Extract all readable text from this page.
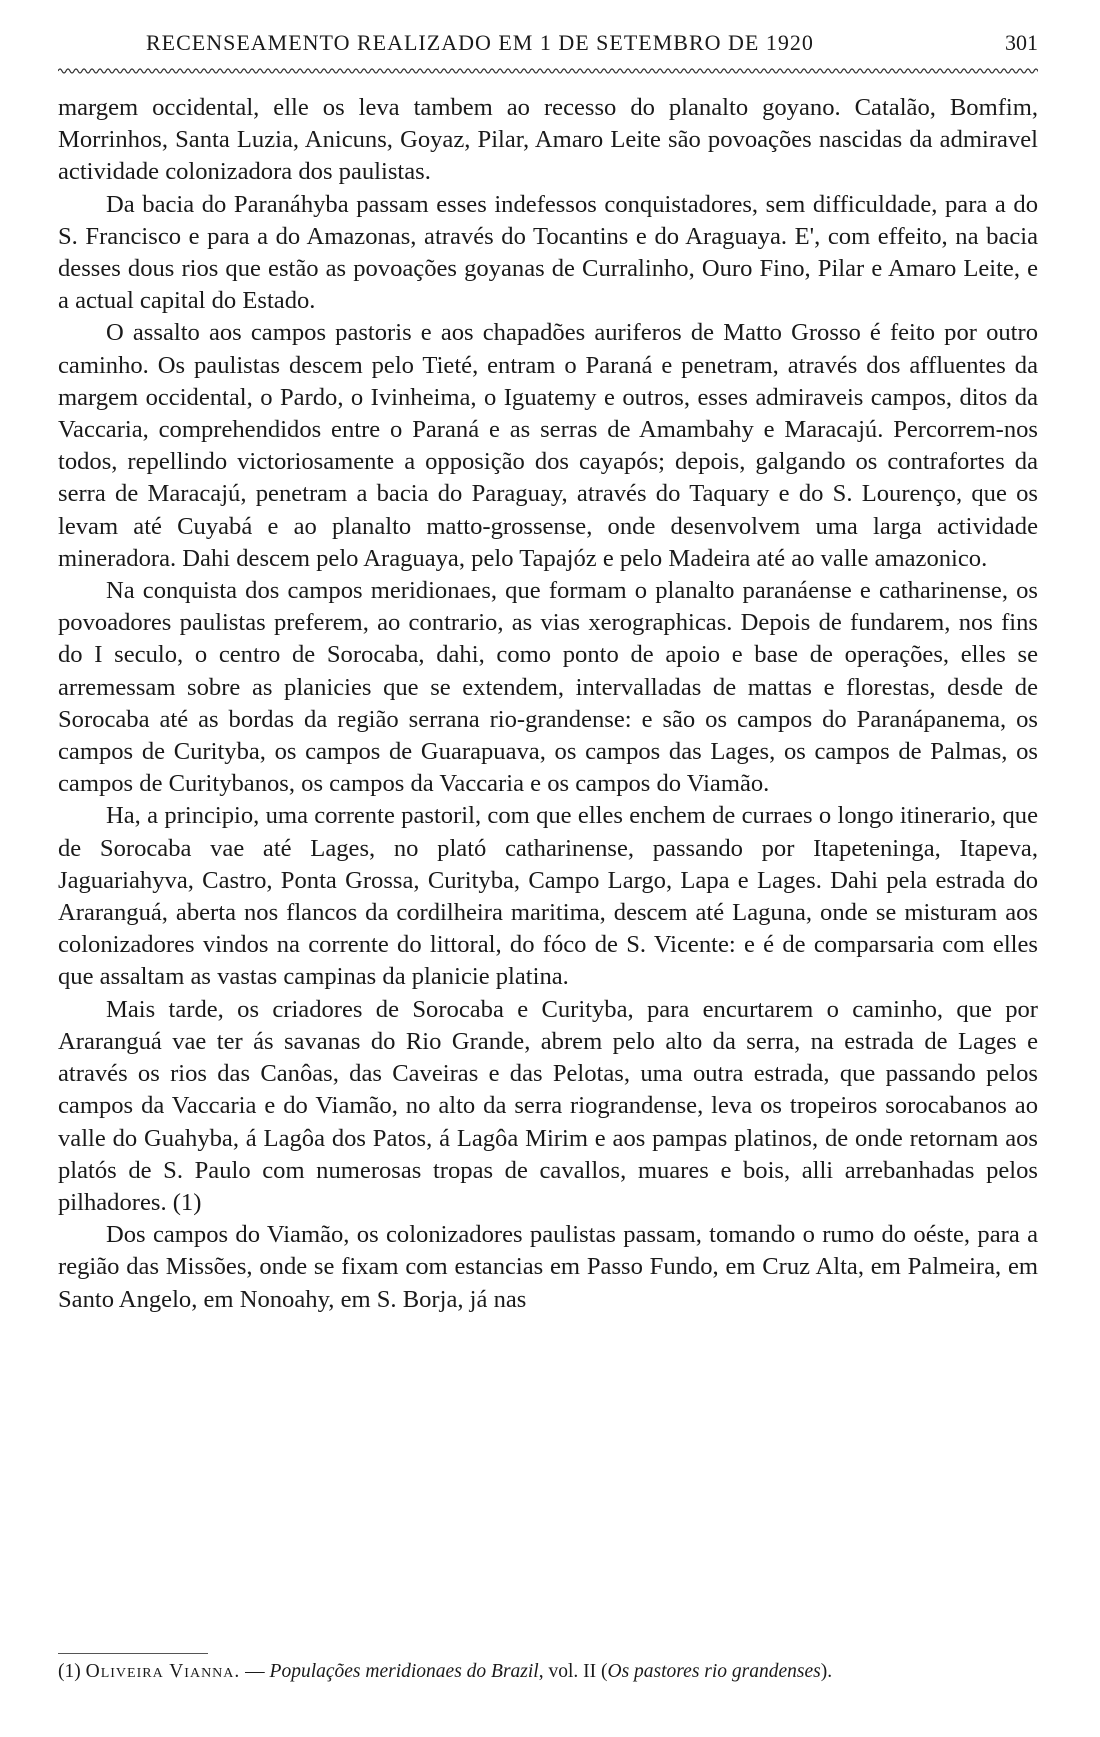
RECENSEAMENTO REALIZADO EM 1 DE SETEMBRO DE 1920	301

margem occidental, elle os leva tambem ao recesso do planalto goyano. Catalão, Bomfim, Morrinhos, Santa Luzia, Anicuns, Goyaz, Pilar, Amaro Leite são povoações nascidas da admiravel actividade colonizadora dos paulistas.

Da bacia do Paranáhyba passam esses indefessos conquistadores, sem difficuldade, para a do S. Francisco e para a do Amazonas, através do Tocantins e do Araguaya. E', com effeito, na bacia desses dous rios que estão as povoações goyanas de Curralinho, Ouro Fino, Pilar e Amaro Leite, e a actual capital do Estado.

O assalto aos campos pastoris e aos chapadões auriferos de Matto Grosso é feito por outro caminho. Os paulistas descem pelo Tieté, entram o Paraná e penetram, através dos affluentes da margem occidental, o Pardo, o Ivinheima, o Iguatemy e outros, esses admiraveis campos, ditos da Vaccaria, comprehendidos entre o Paraná e as serras de Amambahy e Maracajú. Percorrem-nos todos, repellindo victoriosamente a opposição dos cayapós; depois, galgando os contrafortes da serra de Maracajú, penetram a bacia do Paraguay, através do Taquary e do S. Lourenço, que os levam até Cuyabá e ao planalto matto-grossense, onde desenvolvem uma larga actividade mineradora. Dahi descem pelo Araguaya, pelo Tapajóz e pelo Madeira até ao valle amazonico.

Na conquista dos campos meridionaes, que formam o planalto paranáense e catharinense, os povoadores paulistas preferem, ao contrario, as vias xerographicas. Depois de fundarem, nos fins do I seculo, o centro de Sorocaba, dahi, como ponto de apoio e base de operações, elles se arremessam sobre as planicies que se extendem, intervalladas de mattas e florestas, desde de Sorocaba até as bordas da região serrana rio-grandense: e são os campos do Paranápanema, os campos de Curityba, os campos de Guarapuava, os campos das Lages, os campos de Palmas, os campos de Curitybanos, os campos da Vaccaria e os campos do Viamão.

Ha, a principio, uma corrente pastoril, com que elles enchem de curraes o longo itinerario, que de Sorocaba vae até Lages, no plató catharinense, passando por Itapeteninga, Itapeva, Jaguariahyva, Castro, Ponta Grossa, Curityba, Campo Largo, Lapa e Lages. Dahi pela estrada do Araranguá, aberta nos flancos da cordilheira maritima, descem até Laguna, onde se misturam aos colonizadores vindos na corrente do littoral, do fóco de S. Vicente: e é de comparsaria com elles que assaltam as vastas campinas da planicie platina.

Mais tarde, os criadores de Sorocaba e Curityba, para encurtarem o caminho, que por Araranguá vae ter ás savanas do Rio Grande, abrem pelo alto da serra, na estrada de Lages e através os rios das Canôas, das Caveiras e das Pelotas, uma outra estrada, que passando pelos campos da Vaccaria e do Viamão, no alto da serra riograndense, leva os tropeiros sorocabanos ao valle do Guahyba, á Lagôa dos Patos, á Lagôa Mirim e aos pampas platinos, de onde retornam aos platós de S. Paulo com numerosas tropas de cavallos, muares e bois, alli arrebanhadas pelos pilhadores. (1)

Dos campos do Viamão, os colonizadores paulistas passam, tomando o rumo do oéste, para a região das Missões, onde se fixam com estancias em Passo Fundo, em Cruz Alta, em Palmeira, em Santo Angelo, em Nonoahy, em S. Borja, já nas

(1) Oliveira Vianna. — Populações meridionaes do Brazil, vol. II (Os pastores rio grandenses).
